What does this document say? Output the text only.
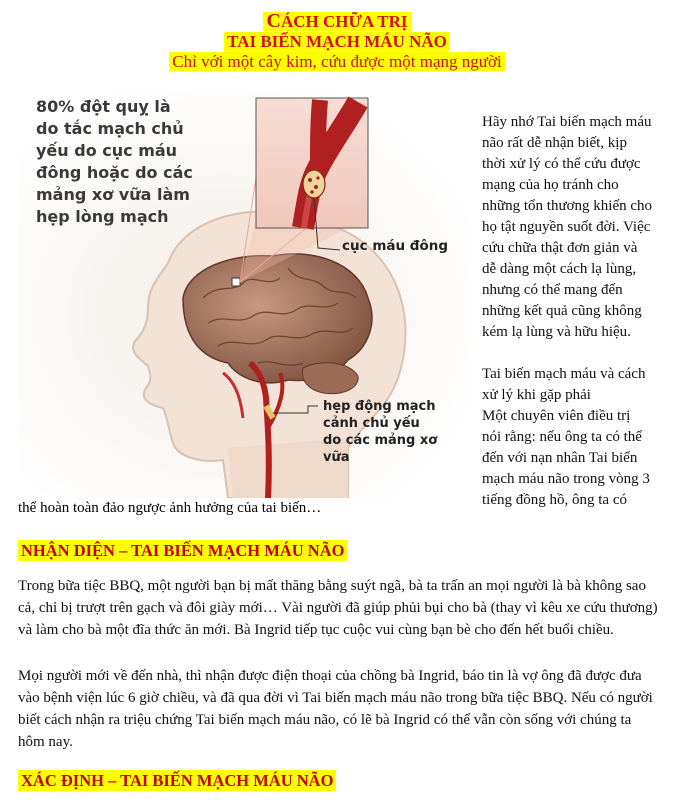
CÁCH CHỮA TRỊ
TAI BIẾN MẠCH MÁU NÃO
Chỉ với một cây kim, cứu được một mạng người
80% đột quỵ là
do tắc mạch chủ
yếu do cục máu
đông hoặc do các
mảng xơ vữa làm
hẹp lòng mạch
cục máu đông
hẹp động mạch
cảnh chủ yếu
do các mảng xơ
vữa

Hãy nhớ Tai biến mạch máu não rất dễ nhận biết, kịp thời xử lý có thể cứu được mạng của họ tránh cho những tổn thương khiến cho họ tật nguyền suốt đời. Việc cứu chữa thật đơn giản và dễ dàng một cách lạ lùng, nhưng có thể mang đến những kết quả cũng không kém lạ lùng và hữu hiệu.

Tai biến mạch máu và cách xử lý khi gặp phải

Một chuyên viên điều trị nói rằng: nếu ông ta có thể đến với nạn nhân Tai biến mạch máu não trong vòng 3 tiếng đồng hồ, ông ta có

thể hoàn toàn đảo ngược ảnh hưởng của tai biến…
NHẬN DIỆN – TAI BIẾN MẠCH MÁU NÃO
Trong bữa tiệc BBQ, một người bạn bị mất thăng bằng suýt ngã, bà ta trấn an mọi người là bà không sao cả, chỉ bị trượt trên gạch và đôi giày mới… Vài người đã giúp phủi bụi cho bà (thay vì kêu xe cứu thương) và làm cho bà một đĩa thức ăn mới. Bà Ingrid tiếp tục cuộc vui cùng bạn bè cho đến hết buổi chiều.
Mọi người mới về đến nhà, thì nhận được điện thoại của chồng bà Ingrid, báo tin là vợ ông đã được đưa vào bệnh viện lúc 6 giờ chiều, và đã qua đời vì Tai biến mạch máu não trong bữa tiệc BBQ. Nếu có người biết cách nhận ra triệu chứng Tai biến mạch máu não, có lẽ bà Ingrid có thể vẫn còn sống với chúng ta hôm nay.
XÁC ĐỊNH – TAI BIẾN MẠCH MÁU NÃO
